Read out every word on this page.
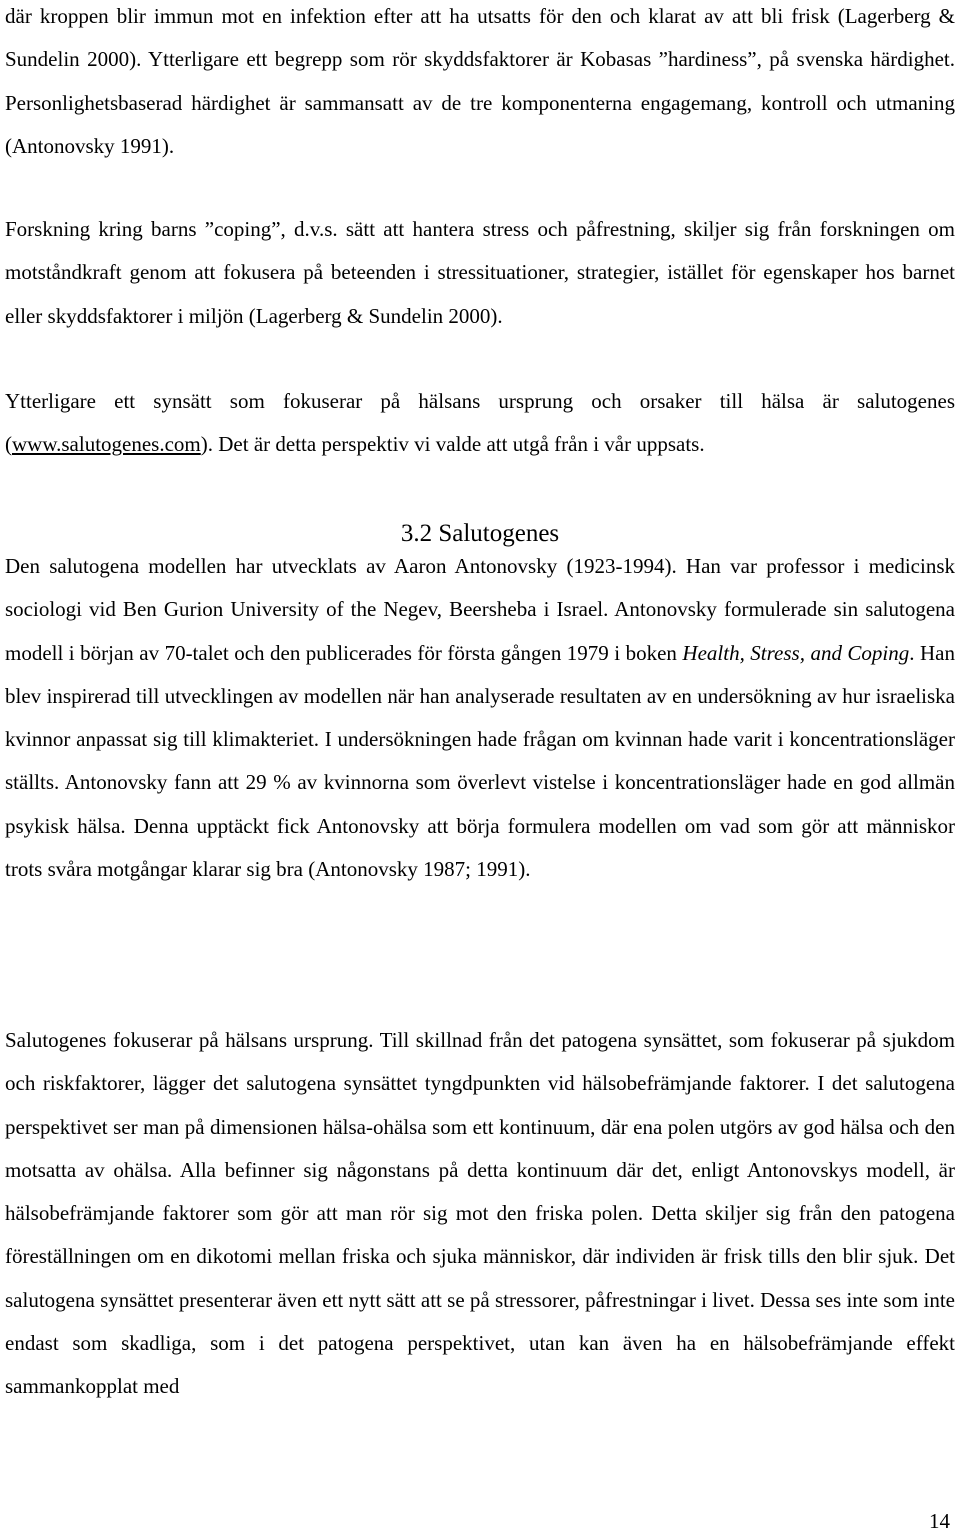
där kroppen blir immun mot en infektion efter att ha utsatts för den och klarat av att bli frisk (Lagerberg & Sundelin 2000). Ytterligare ett begrepp som rör skyddsfaktorer är Kobasas ”hardiness”, på svenska härdighet. Personlighetsbaserad härdighet är sammansatt av de tre komponenterna engagemang, kontroll och utmaning (Antonovsky 1991).

Forskning kring barns ”coping”, d.v.s. sätt att hantera stress och påfrestning, skiljer sig från forskningen om motståndkraft genom att fokusera på beteenden i stressituationer, strategier, istället för egenskaper hos barnet eller skyddsfaktorer i miljön (Lagerberg & Sundelin 2000).

Ytterligare ett synsätt som fokuserar på hälsans ursprung och orsaker till hälsa är salutogenes (www.salutogenes.com). Det är detta perspektiv vi valde att utgå från i vår uppsats.

3.2 Salutogenes

Den salutogena modellen har utvecklats av Aaron Antonovsky (1923-1994). Han var professor i medicinsk sociologi vid Ben Gurion University of the Negev, Beersheba i Israel. Antonovsky formulerade sin salutogena modell i början av 70-talet och den publicerades för första gången 1979 i boken Health, Stress, and Coping. Han blev inspirerad till utvecklingen av modellen när han analyserade resultaten av en undersökning av hur israeliska kvinnor anpassat sig till klimakteriet. I undersökningen hade frågan om kvinnan hade varit i koncentrationsläger ställts. Antonovsky fann att 29 % av kvinnorna som överlevt vistelse i koncentrationsläger hade en god allmän psykisk hälsa. Denna upptäckt fick Antonovsky att börja formulera modellen om vad som gör att människor trots svåra motgångar klarar sig bra (Antonovsky 1987; 1991).

Salutogenes fokuserar på hälsans ursprung. Till skillnad från det patogena synsättet, som fokuserar på sjukdom och riskfaktorer, lägger det salutogena synsättet tyngdpunkten vid hälsobefrämjande faktorer. I det salutogena perspektivet ser man på dimensionen hälsa-ohälsa som ett kontinuum, där ena polen utgörs av god hälsa och den motsatta av ohälsa. Alla befinner sig någonstans på detta kontinuum där det, enligt Antonovskys modell, är hälsobefrämjande faktorer som gör att man rör sig mot den friska polen. Detta skiljer sig från den patogena föreställningen om en dikotomi mellan friska och sjuka människor, där individen är frisk tills den blir sjuk. Det salutogena synsättet presenterar även ett nytt sätt att se på stressorer, påfrestningar i livet. Dessa ses inte som inte endast som skadliga, som i det patogena perspektivet, utan kan även ha en hälsobefrämjande effekt sammankopplat med

14
